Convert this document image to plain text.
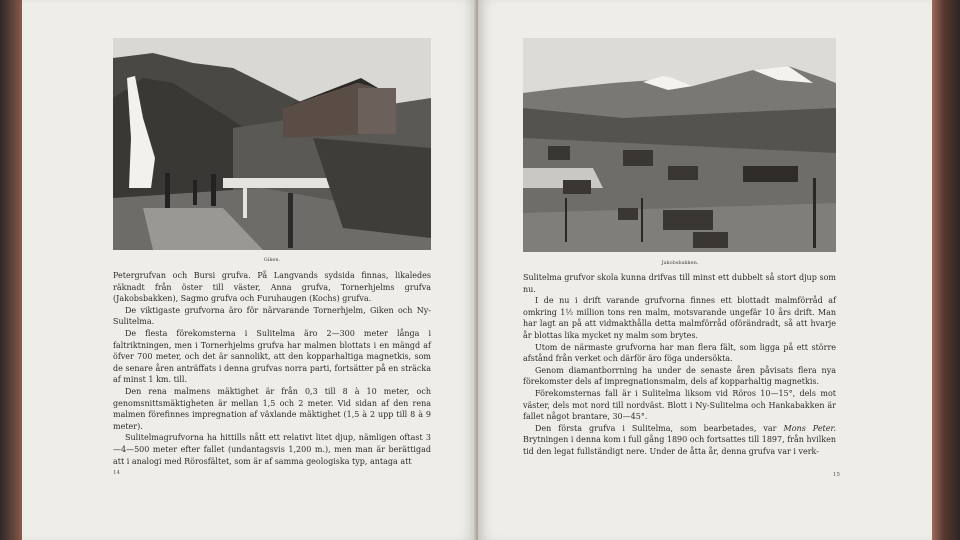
Giken.

Petergrufvan och Bursi grufva. På Langvands sydsida finnas, likaledes räknadt från öster till väster, Anna grufva, Tornerhjelms grufva (Jakobsbakken), Sagmo grufva och Furuhaugen (Kochs) grufva.

De viktigaste grufvorna äro för närvarande Tornerhjelm, Giken och Ny-Sulitelma.

De flesta förekomsterna i Sulitelma äro 2—300 meter långa i faltriktningen, men i Tornerhjelms grufva har malmen blottats i en mängd af öfver 700 meter, och det är sannolikt, att den kopparhaltiga magnetkis, som de senare åren anträffats i denna grufvas norra parti, fortsätter på en sträcka af minst 1 km. till.

Den rena malmens mäktighet är från 0,3 till 8 à 10 meter, och genomsnittsmäktigheten är mellan 1,5 och 2 meter. Vid sidan af den rena malmen förefinnes impregnation af växlande mäktighet (1,5 à 2 upp till 8 à 9 meter).

Sulitelmagrufvorna ha hittills nått ett relativt litet djup, nämligen oftast 3—4—500 meter efter fallet (undantagsvis 1,200 m.), men man är berättigad att i analogi med Rörosfältet, som är af samma geologiska typ, antaga att

14
Jakobsbakken.

Sulitelma grufvor skola kunna drifvas till minst ett dubbelt så stort djup som nu.

I de nu i drift varande grufvorna finnes ett blottadt malmförråd af omkring 1½ million tons ren malm, motsvarande ungefär 10 års drift. Man har lagt an på att vidmakthålla detta malmförråd oförändradt, så att hvarje år blottas lika mycket ny malm som brytes.

Utom de närmaste grufvorna har man flera fält, som ligga på ett större afstånd från verket och därför äro föga undersökta.

Genom diamantborrning ha under de senaste åren påvisats flera nya förekomster dels af impregnationsmalm, dels af kopparhaltig magnetkis.

Förekomsternas fall är i Sulitelma liksom vid Röros 10—15°, dels mot väster, dels mot nord till nordväst. Blott i Ny-Sulitelma och Hankabakken är fallet något brantare, 30—45°.

Den första grufva i Sulitelma, som bearbetades, var Mons Peter. Brytningen i denna kom i full gång 1890 och fortsattes till 1897, från hvilken tid den legat fullständigt nere. Under de åtta år, denna grufva var i verk-

15
